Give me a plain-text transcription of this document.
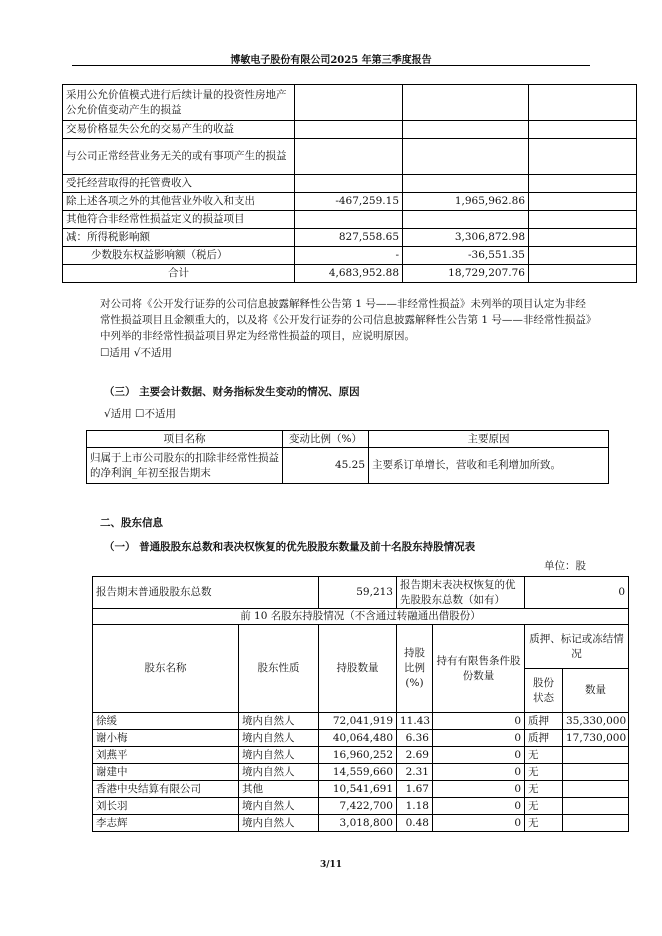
博敏电子股份有限公司2025 年第三季度报告
采用公允价值模式进行后续计量的投资性房地产公允价值变动产生的损益			
交易价格显失公允的交易产生的收益			
与公司正常经营业务无关的或有事项产生的损益			
受托经营取得的托管费收入			
除上述各项之外的其他营业外收入和支出	-467,259.15	1,965,962.86	
其他符合非经常性损益定义的损益项目			
减：所得税影响额	827,558.65	3,306,872.98	
少数股东权益影响额（税后）	-	-36,551.35	
合计	4,683,952.88	18,729,207.76	
对公司将《公开发行证券的公司信息披露解释性公告第 1 号——非经常性损益》未列举的项目认定为非经常性损益项目且金额重大的，以及将《公开发行证券的公司信息披露解释性公告第 1 号——非经常性损益》中列举的非经常性损益项目界定为经常性损益的项目，应说明原因。
☐适用 √不适用
（三） 主要会计数据、财务指标发生变动的情况、原因
√适用 ☐不适用
项目名称	变动比例（%）	主要原因
归属于上市公司股东的扣除非经常性损益的净利润_年初至报告期末	45.25	主要系订单增长，营收和毛利增加所致。
二、股东信息
（一） 普通股股东总数和表决权恢复的优先股股东数量及前十名股东持股情况表
单位：股
报告期末普通股股东总数		59,213	报告期末表决权恢复的优先股股东总数（如有）		0	
前 10 名股东持股情况（不含通过转融通出借股份）						
股东名称	股东性质	持股数量	持股比例(%)	持有有限售条件股份数量	质押、标记或冻结情况	
					股份状态	数量
徐缓	境内自然人	72,041,919	11.43	0	质押	35,330,000
谢小梅	境内自然人	40,064,480	6.36	0	质押	17,730,000
刘燕平	境内自然人	16,960,252	2.69	0	无	
谢建中	境内自然人	14,559,660	2.31	0	无	
香港中央结算有限公司	其他	10,541,691	1.67	0	无	
刘长羽	境内自然人	7,422,700	1.18	0	无	
李志辉	境内自然人	3,018,800	0.48	0	无	
3/11
